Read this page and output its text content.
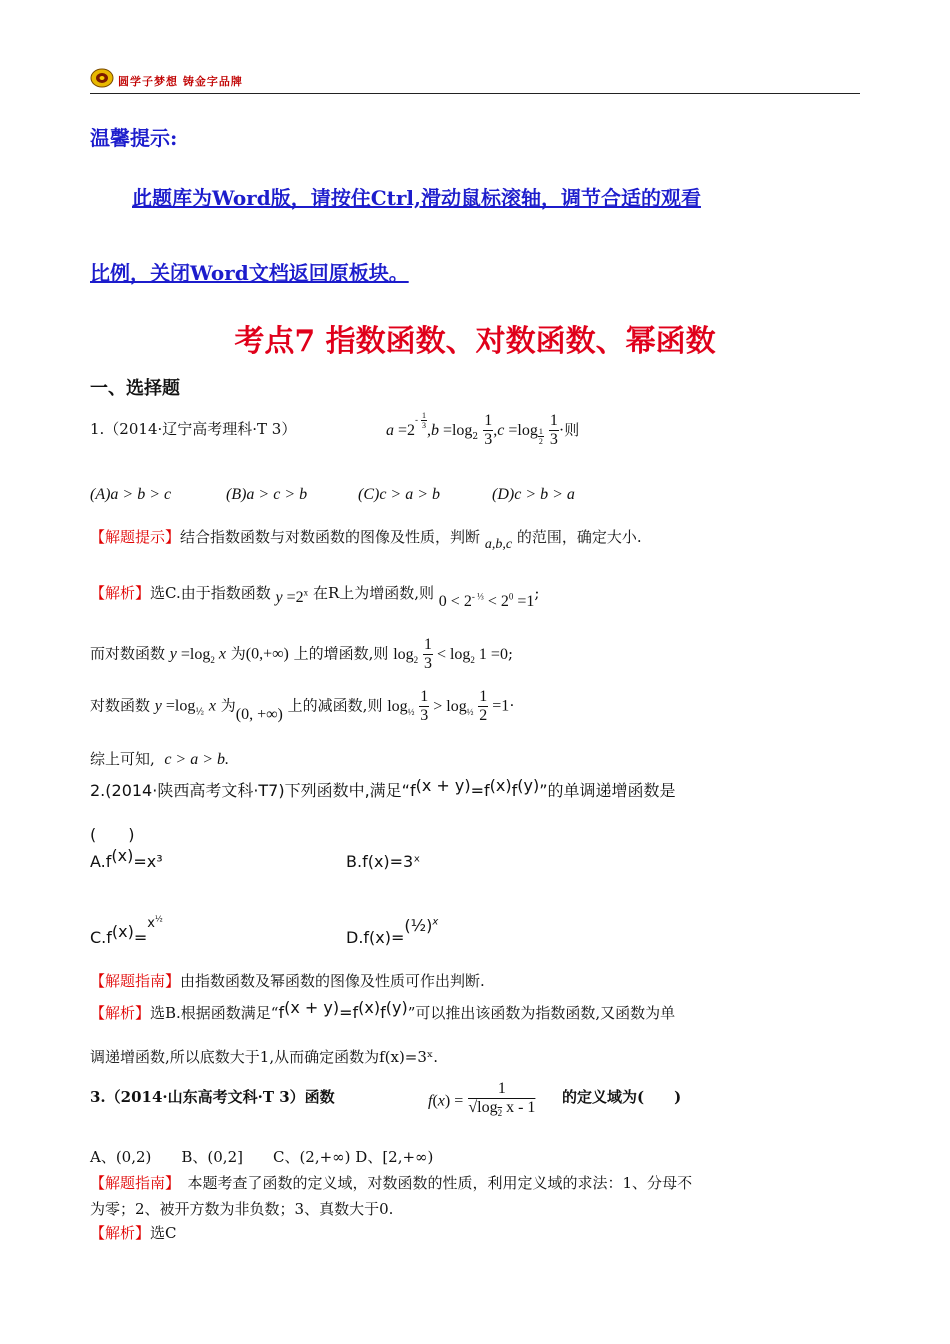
圆学子梦想 铸金字品牌
温馨提示:
此题库为Word版，请按住Ctrl,滑动鼠标滚轴，调节合适的观看
比例，关闭Word文档返回原板块。
考点7 指数函数、对数函数、幂函数
一、选择题
1.（2014·辽宁高考理科·T 3）	$a =2^{- \frac{1}{3}}$
$,b =\log_2 \frac{1}{3} ,c =\log$ $_{\frac{1}{2}}$
$\frac{1}{3}$ ·则
(A)a > b > c	(B)a > c > b	(C)c > a > b	(D)c > b > a
【解题提示】结合指数函数与对数函数的图像及性质，判断 a,b,c 的范围，确定大小.
【解析】选C.由于指数函数 $y =2^x$ 在R上为增函数,则 $0 < 2^{- \frac{1}{3}} < 2^0 =1$;
而对数函数 $y =\log_2$ x 为(0,+∞) 上的增函数,则 $\log_2 \frac{1}{3} < \log_2 1 =0$;
对数函数 $y =\log_{\frac{1}{2}}$ x 为(0, +∞) 上的减函数,则 $\log_{\frac{1}{2}} \frac{1}{3} > \log_{\frac{1}{2}} \frac{1}{2} =1\cdot$
综上可知, c > a > b.
2.(2014·陕西高考文科·T7)下列函数中,满足“f(x + y)=f(x)f(y)”的单调递增函数是
(　　)
A.f(x)=x³	B.f(x)=3ˣ
C.f(x)=$^{x^{\frac{1}{2}}}$
D.f(x)=(½)$^x$
【解题指南】由指数函数及幂函数的图像及性质可作出判断.
【解析】选B.根据函数满足“f(x + y)=f(x)f(y)”可以推出该函数为指数函数,又函数为单
调递增函数,所以底数大于1,从而确定函数为f(x)=3ˣ.
3.（2014·山东高考文科·T 3）函数	$f(x) = \frac{1}{√\log_2 x - 1}$ 的定义域为(　　)
A、(0,2)　　B、(0,2]　　C、(2,+∞) D、[2,+∞)
【解题指南】　本题考查了函数的定义域，对数函数的性质，利用定义域的求法：1、分母不
为零；2、被开方数为非负数；3、真数大于0.
【解析】选C
